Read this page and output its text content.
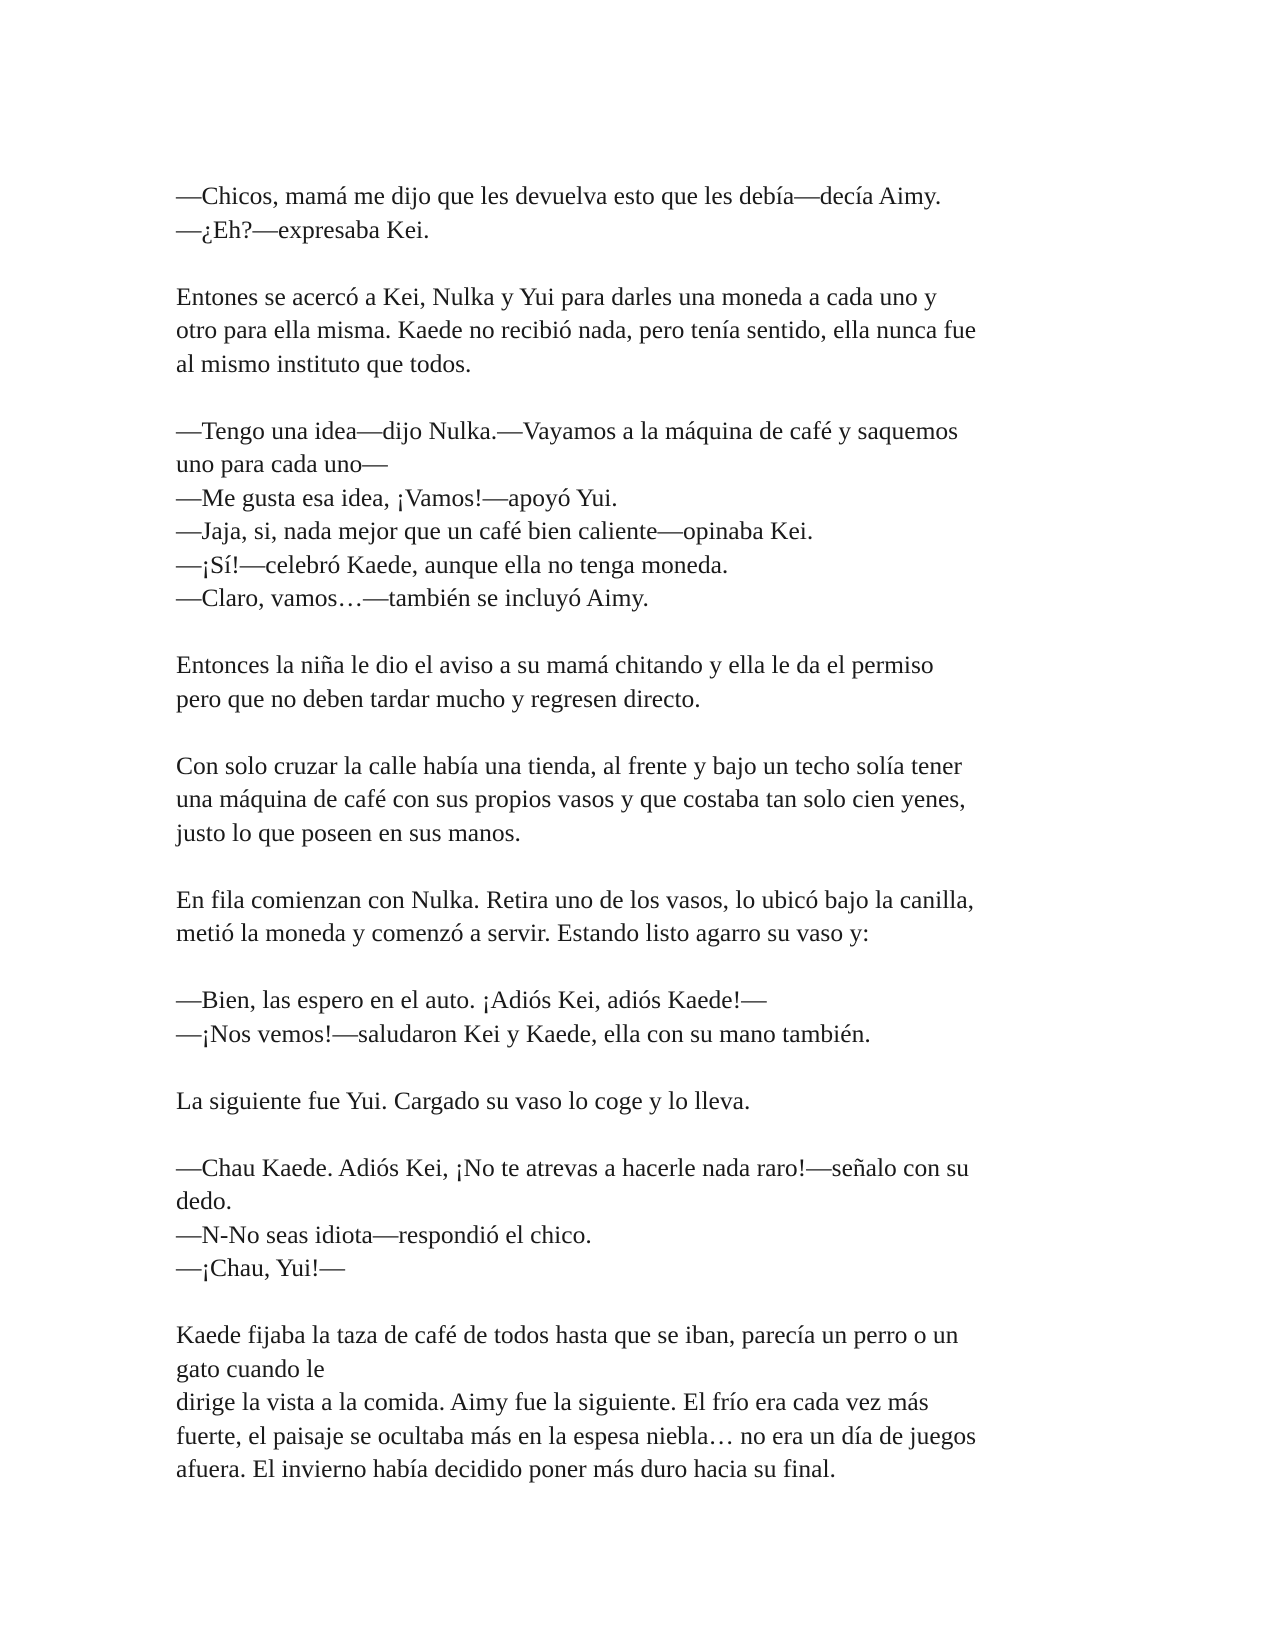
—Chicos, mamá me dijo que les devuelva esto que les debía—decía Aimy.
—¿Eh?—expresaba Kei.

Entones se acercó a Kei, Nulka y Yui para darles una moneda a cada uno y
otro para ella misma. Kaede no recibió nada, pero tenía sentido, ella nunca fue
al mismo instituto que todos.

—Tengo una idea—dijo Nulka.—Vayamos a la máquina de café y saquemos
uno para cada uno—
—Me gusta esa idea, ¡Vamos!—apoyó Yui.
—Jaja, si, nada mejor que un café bien caliente—opinaba Kei.
—¡Sí!—celebró Kaede, aunque ella no tenga moneda.
—Claro, vamos…—también se incluyó Aimy.

Entonces la niña le dio el aviso a su mamá chitando y ella le da el permiso
pero que no deben tardar mucho y regresen directo.

Con solo cruzar la calle había una tienda, al frente y bajo un techo solía tener
una máquina de café con sus propios vasos y que costaba tan solo cien yenes,
justo lo que poseen en sus manos.

En fila comienzan con Nulka. Retira uno de los vasos, lo ubicó bajo la canilla,
metió la moneda y comenzó a servir. Estando listo agarro su vaso y:

—Bien, las espero en el auto. ¡Adiós Kei, adiós Kaede!—
—¡Nos vemos!—saludaron Kei y Kaede, ella con su mano también.

La siguiente fue Yui. Cargado su vaso lo coge y lo lleva.

—Chau Kaede. Adiós Kei, ¡No te atrevas a hacerle nada raro!—señalo con su
dedo.
—N-No seas idiota—respondió el chico.
—¡Chau, Yui!—

Kaede fijaba la taza de café de todos hasta que se iban, parecía un perro o un
gato cuando le
dirige la vista a la comida. Aimy fue la siguiente. El frío era cada vez más
fuerte, el paisaje se ocultaba más en la espesa niebla… no era un día de juegos
afuera. El invierno había decidido poner más duro hacia su final.
